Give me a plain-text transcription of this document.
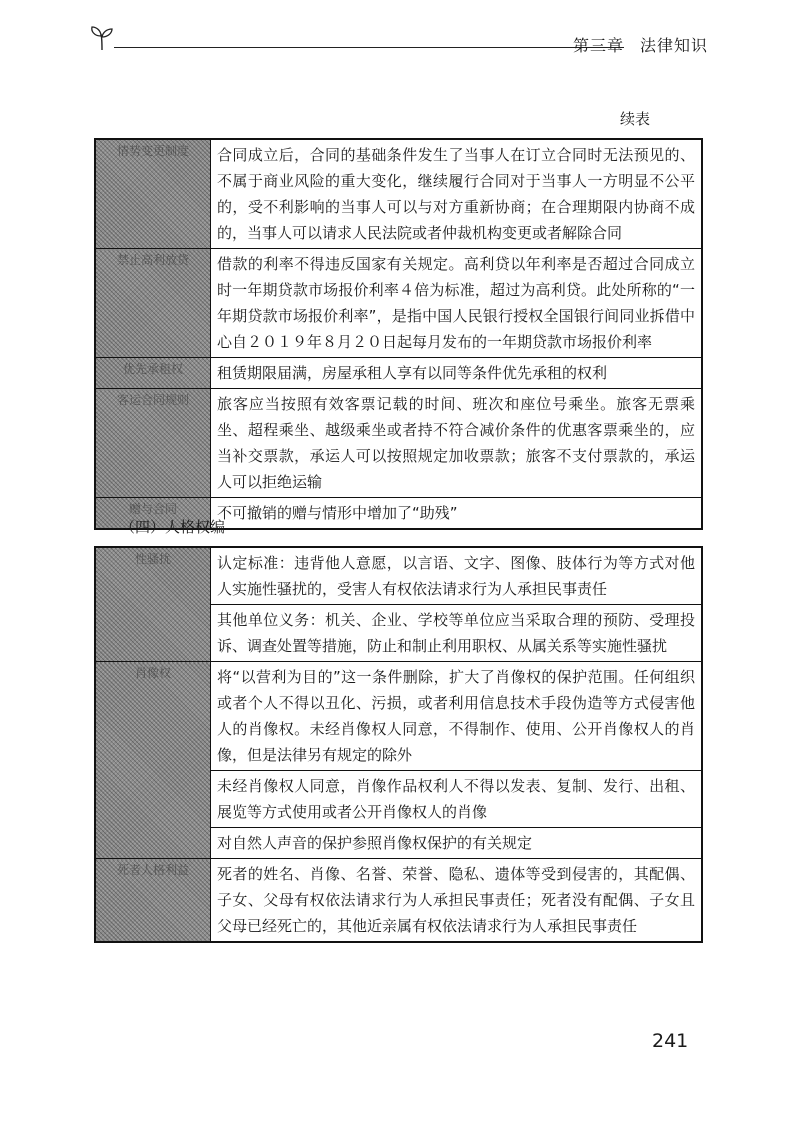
第三章 法律知识
续表
情势变更制度	合同成立后，合同的基础条件发生了当事人在订立合同时无法预见的、不属于商业风险的重大变化，继续履行合同对于当事人一方明显不公平的，受不利影响的当事人可以与对方重新协商；在合理期限内协商不成的，当事人可以请求人民法院或者仲裁机构变更或者解除合同
禁止高利放贷	借款的利率不得违反国家有关规定。高利贷以年利率是否超过合同成立时一年期贷款市场报价利率４倍为标准，超过为高利贷。此处所称的“一年期贷款市场报价利率”，是指中国人民银行授权全国银行间同业拆借中心自２０１９年８月２０日起每月发布的一年期贷款市场报价利率
优先承租权	租赁期限届满，房屋承租人享有以同等条件优先承租的权利
客运合同规则	旅客应当按照有效客票记载的时间、班次和座位号乘坐。旅客无票乘坐、超程乘坐、越级乘坐或者持不符合减价条件的优惠客票乘坐的，应当补交票款，承运人可以按照规定加收票款；旅客不支付票款的，承运人可以拒绝运输
赠与合同	不可撤销的赠与情形中增加了“助残”
（四）人格权编
性骚扰	认定标准：违背他人意愿，以言语、文字、图像、肢体行为等方式对他人实施性骚扰的，受害人有权依法请求行为人承担民事责任
	其他单位义务：机关、企业、学校等单位应当采取合理的预防、受理投诉、调查处置等措施，防止和制止利用职权、从属关系等实施性骚扰
肖像权	将“以营利为目的”这一条件删除，扩大了肖像权的保护范围。任何组织或者个人不得以丑化、污损，或者利用信息技术手段伪造等方式侵害他人的肖像权。未经肖像权人同意，不得制作、使用、公开肖像权人的肖像，但是法律另有规定的除外
	未经肖像权人同意，肖像作品权利人不得以发表、复制、发行、出租、展览等方式使用或者公开肖像权人的肖像
	对自然人声音的保护参照肖像权保护的有关规定
死者人格利益	死者的姓名、肖像、名誉、荣誉、隐私、遗体等受到侵害的，其配偶、子女、父母有权依法请求行为人承担民事责任；死者没有配偶、子女且父母已经死亡的，其他近亲属有权依法请求行为人承担民事责任
241
